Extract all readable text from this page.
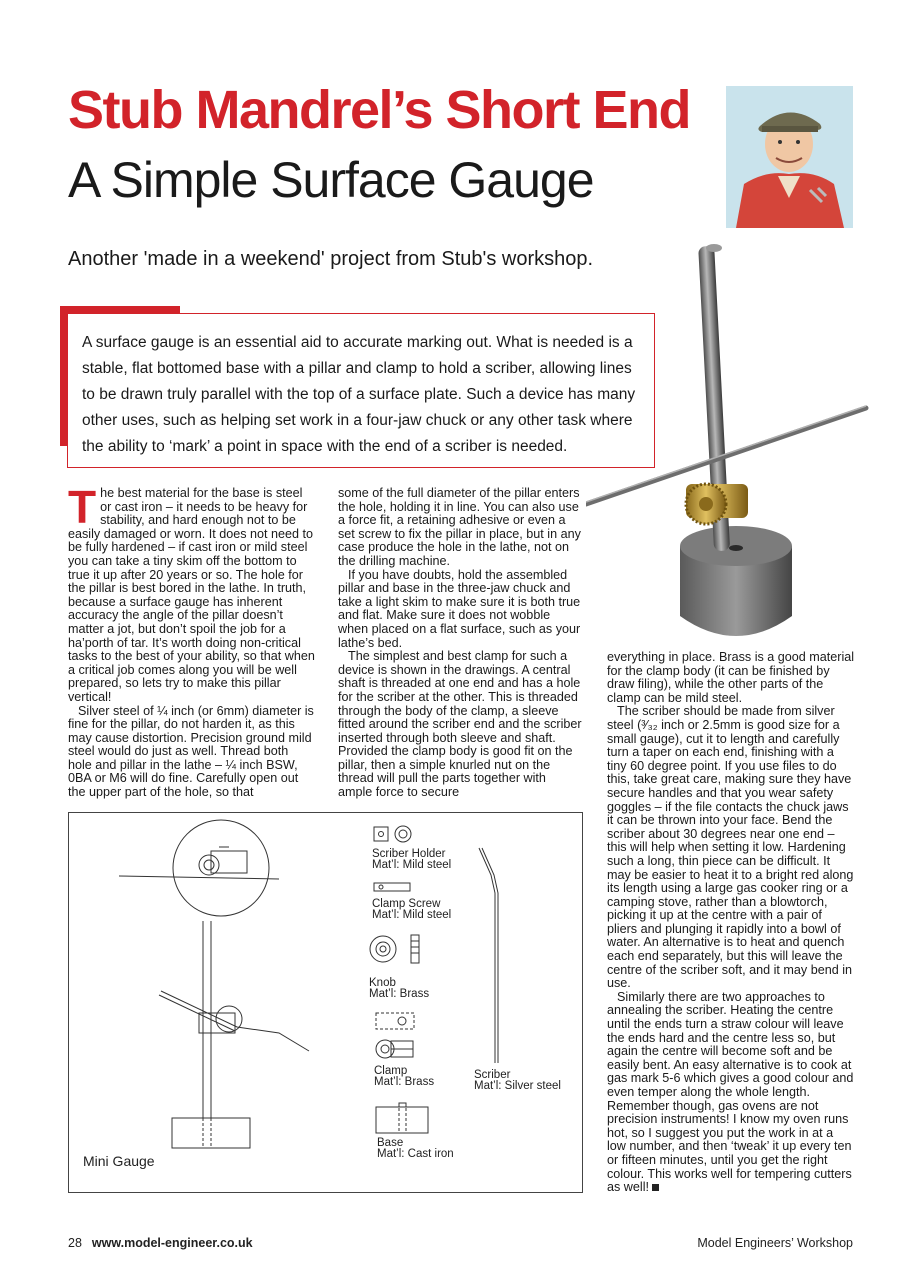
Stub Mandrel’s Short End
A Simple Surface Gauge
Another 'made in a weekend' project from Stub's workshop.

A surface gauge is an essential aid to accurate marking out. What is needed is a stable, flat bottomed base with a pillar and clamp to hold a scriber, allowing lines to be drawn truly parallel with the top of a surface plate. Such a device has many other uses, such as helping set work in a four-jaw chuck or any other task where the ability to ‘mark’ a point in space with the end of a scriber is needed.

The best material for the base is steel or cast iron – it needs to be heavy for stability, and hard enough not to be easily damaged or worn. It does not need to be fully hardened – if cast iron or mild steel you can take a tiny skim off the bottom to true it up after 20 years or so. The hole for the pillar is best bored in the lathe. In truth, because a surface gauge has inherent accuracy the angle of the pillar doesn’t matter a jot, but don’t spoil the job for a ha’porth of tar. It’s worth doing non-critical tasks to the best of your ability, so that when a critical job comes along you will be well prepared, so lets try to make this pillar vertical!

Silver steel of ¼ inch (or 6mm) diameter is fine for the pillar, do not harden it, as this may cause distortion. Precision ground mild steel would do just as well. Thread both hole and pillar in the lathe – ¼ inch BSW, 0BA or M6 will do fine. Carefully open out the upper part of the hole, so that

some of the full diameter of the pillar enters the hole, holding it in line. You can also use a force fit, a retaining adhesive or even a set screw to fix the pillar in place, but in any case produce the hole in the lathe, not on the drilling machine.

If you have doubts, hold the assembled pillar and base in the three-jaw chuck and take a light skim to make sure it is both true and flat. Make sure it does not wobble when placed on a flat surface, such as your lathe’s bed.

The simplest and best clamp for such a device is shown in the drawings. A central shaft is threaded at one end and has a hole for the scriber at the other. This is threaded through the body of the clamp, a sleeve fitted around the scriber end and the scriber inserted through both sleeve and shaft. Provided the clamp body is good fit on the pillar, then a simple knurled nut on the thread will pull the parts together with ample force to secure

everything in place. Brass is a good material for the clamp body (it can be finished by draw filing), while the other parts of the clamp can be mild steel.

The scriber should be made from silver steel (³⁄₃₂ inch or 2.5mm is good size for a small gauge), cut it to length and carefully turn a taper on each end, finishing with a tiny 60 degree point. If you use files to do this, take great care, making sure they have secure handles and that you wear safety goggles – if the file contacts the chuck jaws it can be thrown into your face. Bend the scriber about 30 degrees near one end – this will help when setting it low. Hardening such a long, thin piece can be difficult. It may be easier to heat it to a bright red along its length using a large gas cooker ring or a camping stove, rather than a blowtorch, picking it up at the centre with a pair of pliers and plunging it rapidly into a bowl of water. An alternative is to heat and quench each end separately, but this will leave the centre of the scriber soft, and it may bend in use.

Similarly there are two approaches to annealing the scriber. Heating the centre until the ends turn a straw colour will leave the ends hard and the centre less so, but again the centre will become soft and be easily bent. An easy alternative is to cook at gas mark 5-6 which gives a good colour and even temper along the whole length. Remember though, gas ovens are not precision instruments! I know my oven runs hot, so I suggest you put the work in at a low number, and then ‘tweak’ it up every ten or fifteen minutes, until you get the right colour. This works well for tempering cutters as well!

Scriber Holder
Mat’l: Mild steel
Clamp Screw
Mat’l: Mild steel
Knob
Mat’l: Brass
Clamp
Mat’l: Brass
Scriber
Mat’l: Silver steel
Base
Mat’l: Cast iron
Mini Gauge
28 www.model-engineer.co.uk	Model Engineers’ Workshop
